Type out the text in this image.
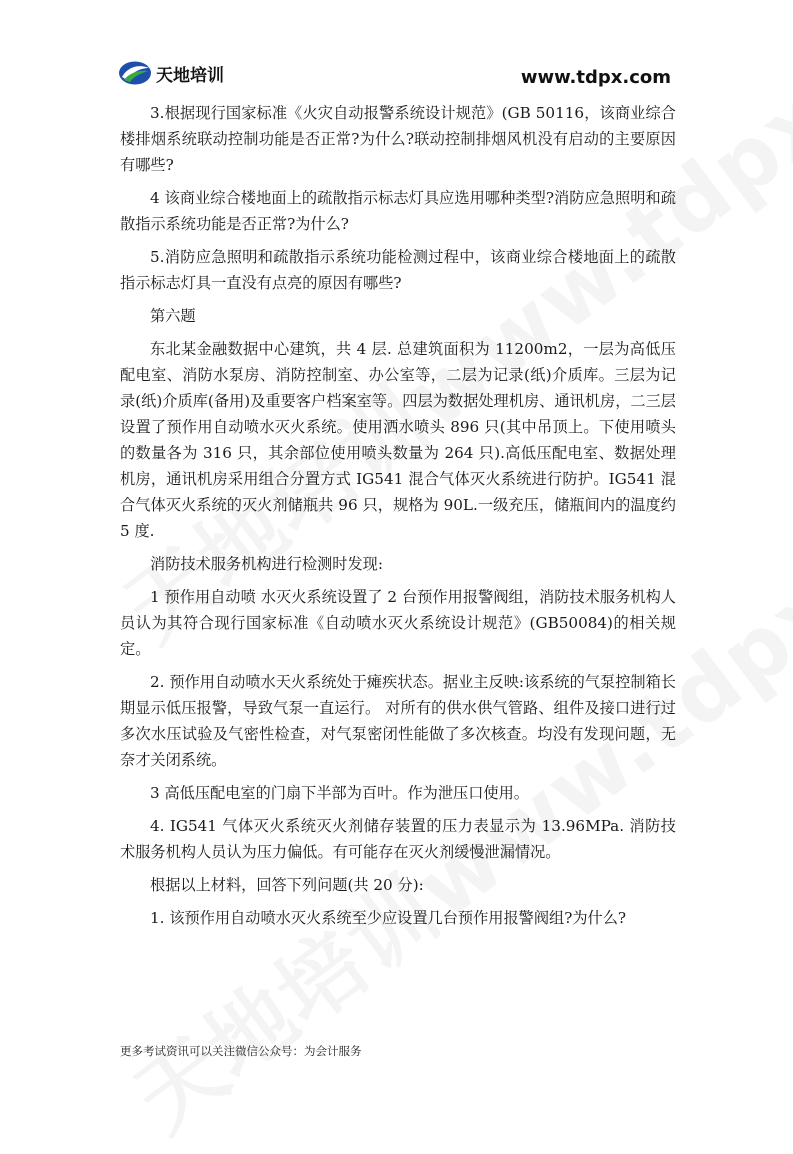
天地培训	www.tdpx.com

3.根据现行国家标准《火灾自动报警系统设计规范》(GB 50116，该商业综合楼排烟系统联动控制功能是否正常?为什么?联动控制排烟风机没有启动的主要原因有哪些?

4 该商业综合楼地面上的疏散指示标志灯具应选用哪种类型?消防应急照明和疏散指示系统功能是否正常?为什么?

5.消防应急照明和疏散指示系统功能检测过程中，该商业综合楼地面上的疏散指示标志灯具一直没有点亮的原因有哪些?

第六题

东北某金融数据中心建筑，共 4 层. 总建筑面积为 11200m2，一层为高低压配电室、消防水泵房、消防控制室、办公室等，二层为记录(纸)介质库。三层为记录(纸)介质库(备用)及重要客户档案室等。四层为数据处理机房、通讯机房，二三层设置了预作用自动喷水灭火系统。使用洒水喷头 896 只(其中吊顶上。下使用喷头的数量各为 316 只，其余部位使用喷头数量为 264 只).高低压配电室、数据处理机房，通讯机房采用组合分置方式 IG541 混合气体灭火系统进行防护。IG541 混合气体灭火系统的灭火剂储瓶共 96 只，规格为 90L.一级充压，储瓶间内的温度约 5 度.

消防技术服务机构进行检测时发现:

1 预作用自动喷 水灭火系统设置了 2 台预作用报警阀组，消防技术服务机构人员认为其符合现行国家标准《自动喷水灭火系统设计规范》(GB50084)的相关规定。

2. 预作用自动喷水天火系统处于瘫疾状态。据业主反映:该系统的气泵控制箱长期显示低压报警，导致气泵一直运行。 对所有的供水供气管路、组件及接口进行过多次水压试验及气密性检查，对气泵密闭性能做了多次核查。均没有发现问题，无奈才关闭系统。

3 高低压配电室的门扇下半部为百叶。作为泄压口使用。

4. IG541 气体灭火系统灭火剂储存装置的压力表显示为 13.96MPa. 消防技术服务机构人员认为压力偏低。有可能存在灭火剂缓慢泄漏情况。

根据以上材料，回答下列问题(共 20 分):

1. 该预作用自动喷水灭火系统至少应设置几台预作用报警阀组?为什么?

更多考试资讯可以关注微信公众号：为会计服务
